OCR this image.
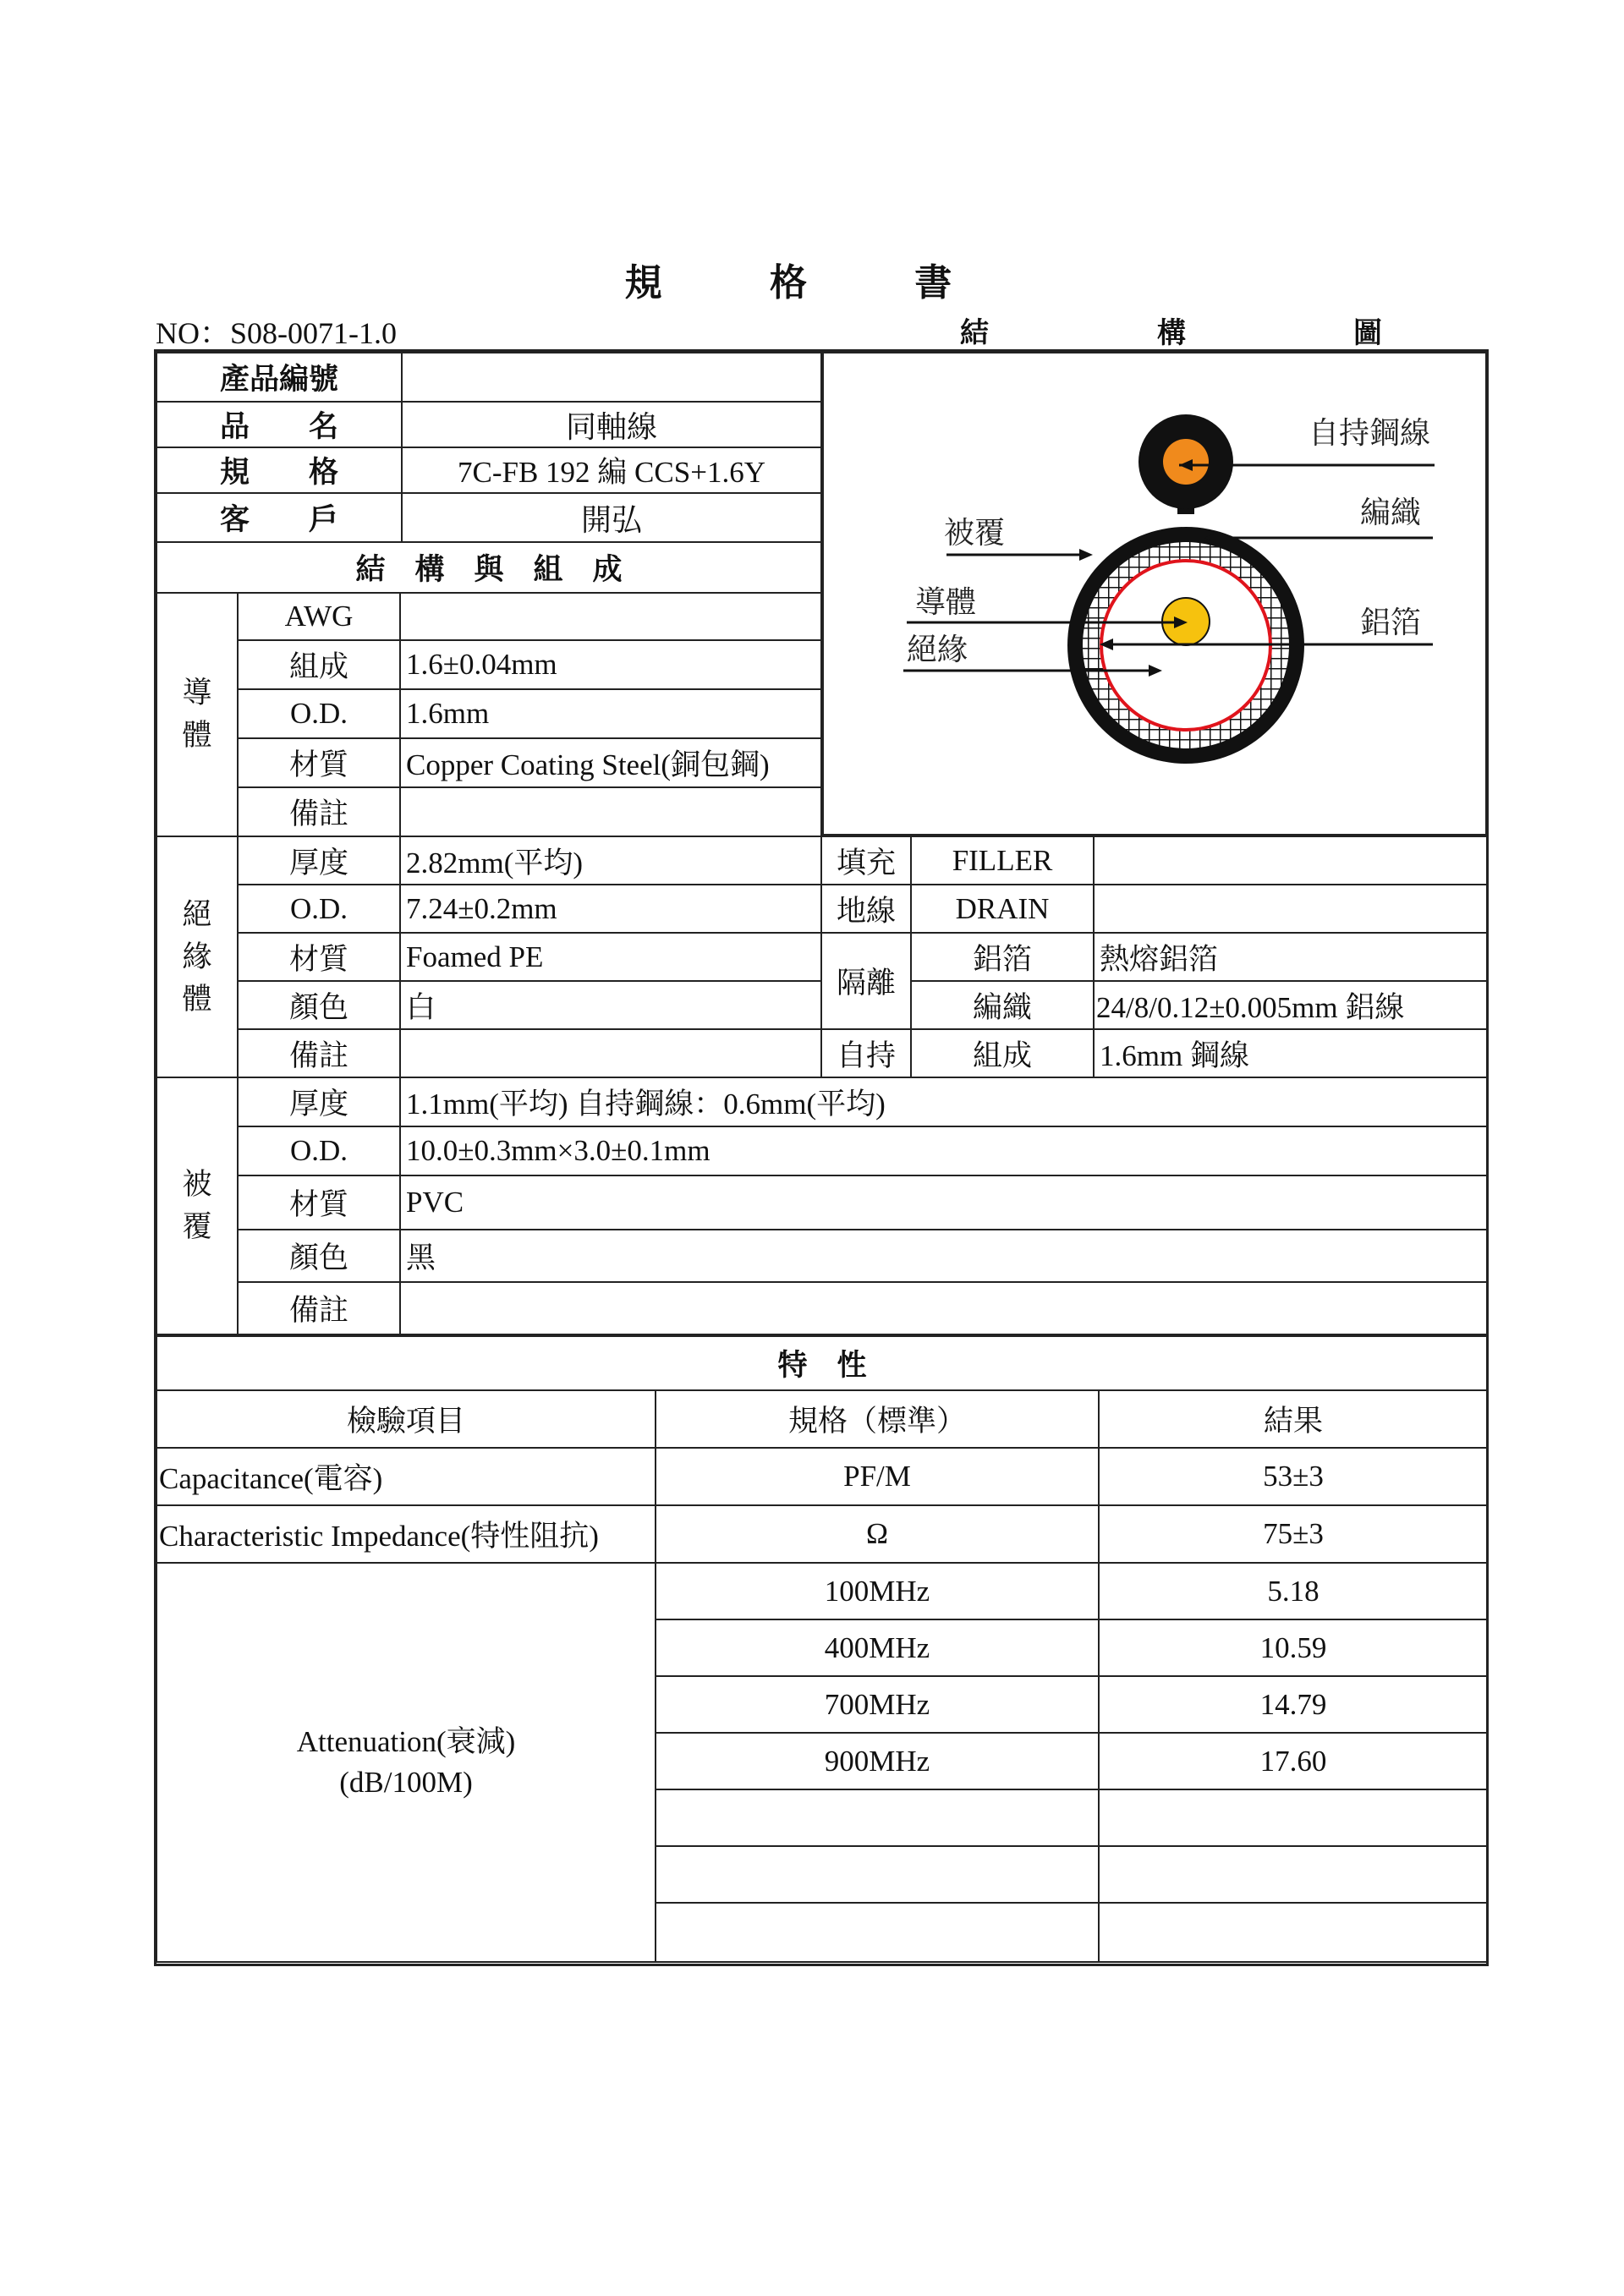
規 格 書
NO：S08-0071-1.0	結	構	圖
產品編號	
品　　名	同軸線
規　　格	7C-FB 192 編 CCS+1.6Y
客　　戶	開弘
結　構　與　組　成	
導體	AWG	
	組成	1.6±0.04mm
	O.D.	1.6mm
	材質	Copper Coating Steel(銅包鋼)
	備註	
自持鋼線
編織
被覆
導體
絕緣
鋁箔
絕緣體	厚度	2.82mm(平均)	填充	FILLER	
	O.D.	7.24±0.2mm	地線	DRAIN	
	材質	Foamed PE	隔離	鋁箔	熱熔鋁箔
	顏色	白		編織	24/8/0.12±0.005mm 鋁線
	備註		自持	組成	1.6mm 鋼線
被覆	厚度	1.1mm(平均) 自持鋼線：0.6mm(平均)
	O.D.	10.0±0.3mm×3.0±0.1mm
	材質	PVC
	顏色	黑
	備註	
特　性		
檢驗項目	規格（標準）	結果
Capacitance(電容)	PF/M	53±3
Characteristic Impedance(特性阻抗)	Ω	75±3

Attenuation(衰減)
(dB/100M)	100MHz	5.18
	400MHz	10.59
	700MHz	14.79
	900MHz	17.60
